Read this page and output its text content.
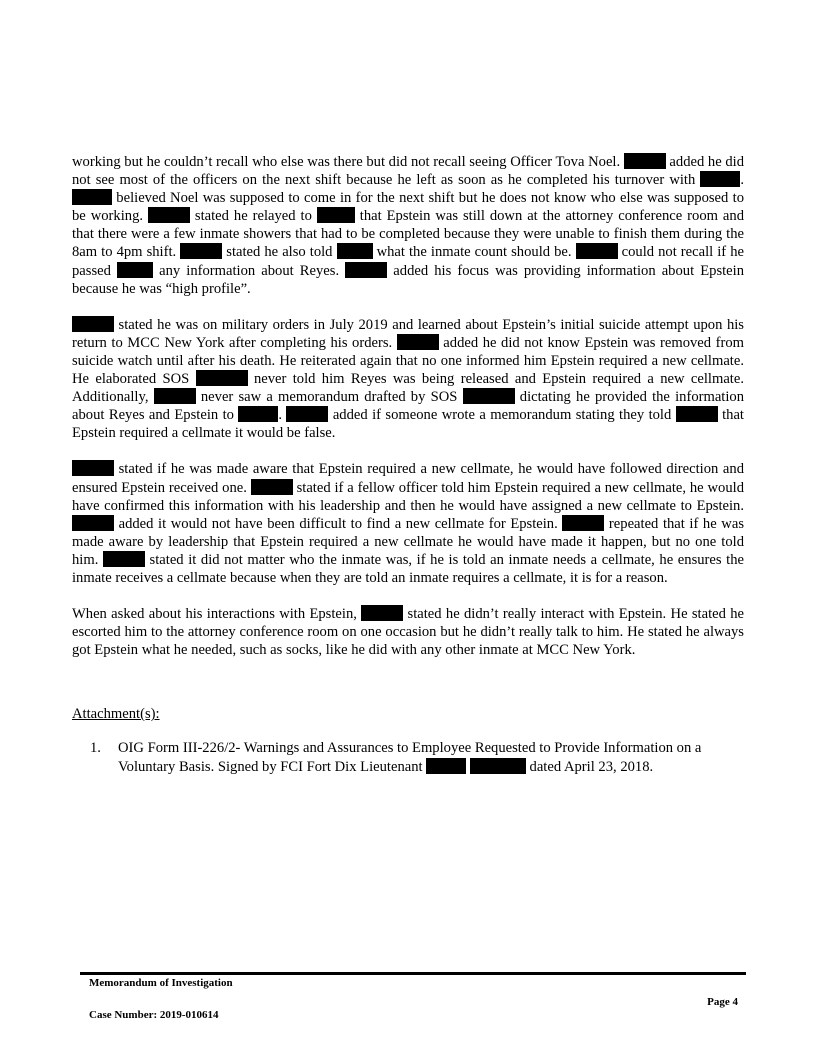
working but he couldn’t recall who else was there but did not recall seeing Officer Tova Noel.	added he did not see most of the officers on the next shift because he left as soon as he completed his turnover with	.  believed Noel was supposed to come in for the next shift but he does not know who else was supposed to be working.	stated he relayed to	that Epstein was still down at the attorney conference room and that there were a few inmate showers that had to be completed because they were unable to finish them during the 8am to 4pm shift.	stated he also told  what the inmate count should be.	could not recall if he passed  any information about Reyes.	added his focus was providing information about Epstein because he was “high profile”.

stated he was on military orders in July 2019 and learned about Epstein’s initial suicide attempt upon his return to MCC New York after completing his orders.	added he did not know Epstein was removed from suicide watch until after his death. He reiterated again that no one informed him Epstein required a new cellmate. He elaborated SOS	never told him Reyes was being released and Epstein required a new cellmate. Additionally,	never saw a memorandum drafted by SOS	dictating he provided the information about Reyes and Epstein to	.	added if someone wrote a memorandum stating they told	that Epstein required a cellmate it would be false.

stated if he was made aware that Epstein required a new cellmate, he would have followed direction and ensured Epstein received one.	stated if a fellow officer told him Epstein required a new cellmate, he would have confirmed this information with his leadership and then he would have assigned a new cellmate to Epstein.  added it would not have been difficult to find a new cellmate for Epstein.	repeated that if he was made aware by leadership that Epstein required a new cellmate he would have made it happen, but no one told him.	stated it did not matter who the inmate was, if he is told an inmate needs a cellmate, he ensures the inmate receives a cellmate because when they are told an inmate requires a cellmate, it is for a reason.

When asked about his interactions with Epstein,	stated he didn’t really interact with Epstein. He stated he escorted him to the attorney conference room on one occasion but he didn’t really talk to him. He stated he always got Epstein what he needed, such as socks, like he did with any other inmate at MCC New York.

Attachment(s):
1.	OIG Form III-226/2- Warnings and Assurances to Employee Requested to Provide Information on a Voluntary Basis. Signed by FCI Fort Dix Lieutenant	dated April 23, 2018.
Memorandum of Investigation
Case Number: 2019-010614
Page 4
